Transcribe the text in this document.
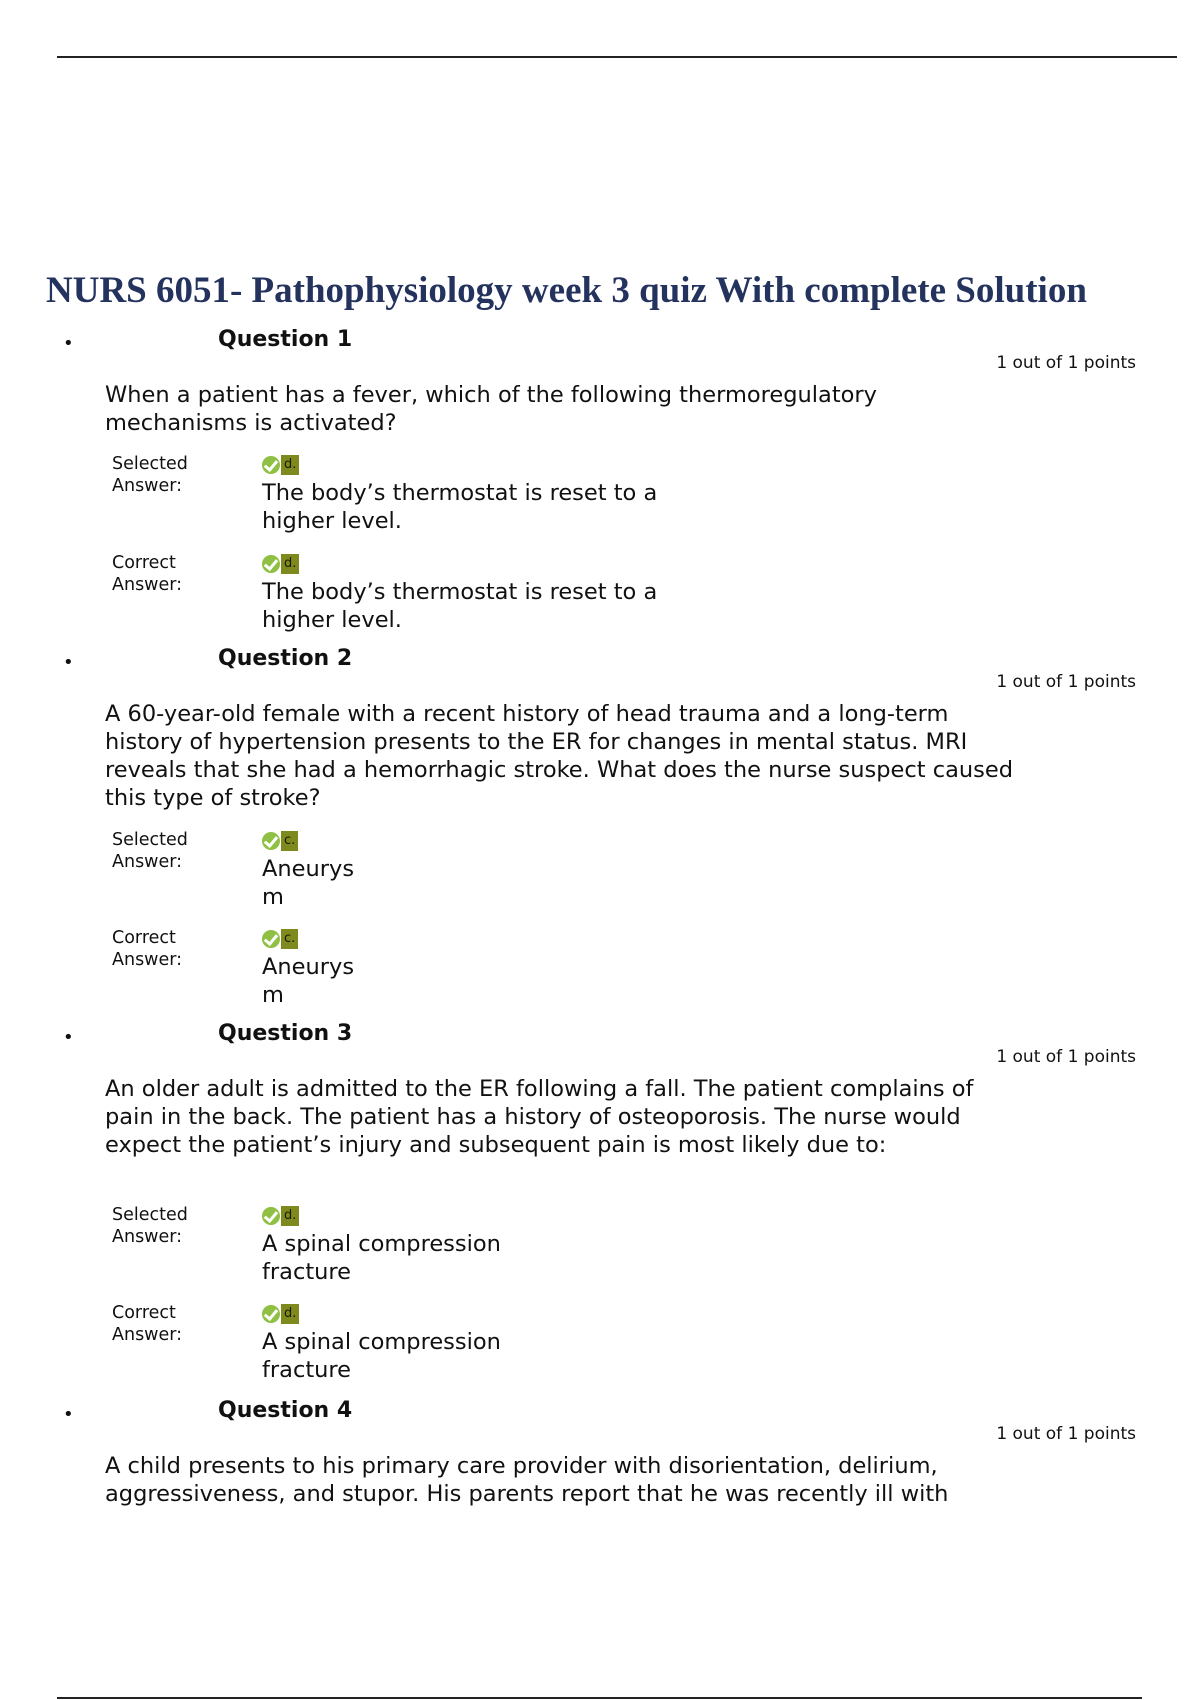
NURS 6051- Pathophysiology week 3 quiz With complete Solution
•	Question 1
1 out of 1 points
When a patient has a fever, which of the following thermoregulatory mechanisms is activated?
Selected
Answer:
d.
The body’s thermostat is reset to a
higher level.
Correct
Answer:
d.
The body’s thermostat is reset to a
higher level.
•	Question 2
1 out of 1 points
A 60-year-old female with a recent history of head trauma and a long-term history of hypertension presents to the ER for changes in mental status. MRI reveals that she had a hemorrhagic stroke. What does the nurse suspect caused this type of stroke?
Selected
Answer:
c.
Aneurys
m
Correct
Answer:
c.
Aneurys
m
•	Question 3
1 out of 1 points
An older adult is admitted to the ER following a fall. The patient complains of pain in the back. The patient has a history of osteoporosis. The nurse would expect the patient’s injury and subsequent pain is most likely due to:
Selected
Answer:
d.
A spinal compression
fracture
Correct
Answer:
d.
A spinal compression
fracture
•	Question 4
1 out of 1 points
A child presents to his primary care provider with disorientation, delirium, aggressiveness, and stupor. His parents report that he was recently ill with
